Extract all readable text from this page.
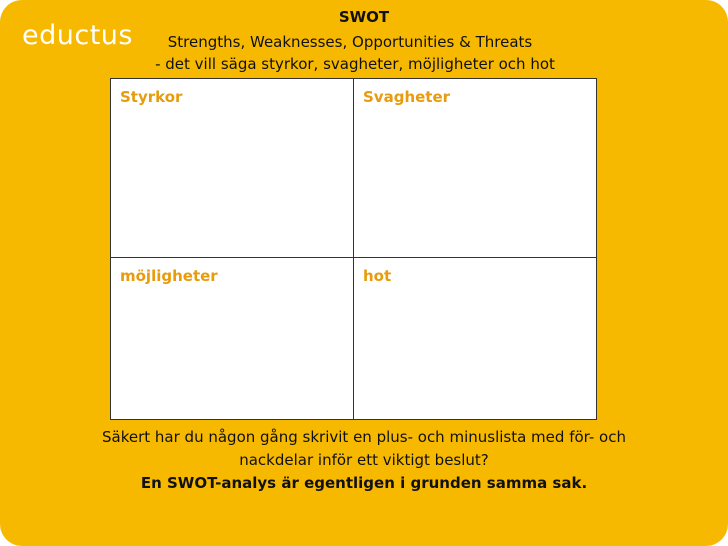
eductus
SWOT
Strengths, Weaknesses, Opportunities & Threats
- det vill säga styrkor, svagheter, möjligheter och hot
Styrkor	Svagheter
möjligheter	hot
Säkert har du någon gång skrivit en plus- och minuslista med för- och
nackdelar inför ett viktigt beslut?
En SWOT-analys är egentligen i grunden samma sak.
